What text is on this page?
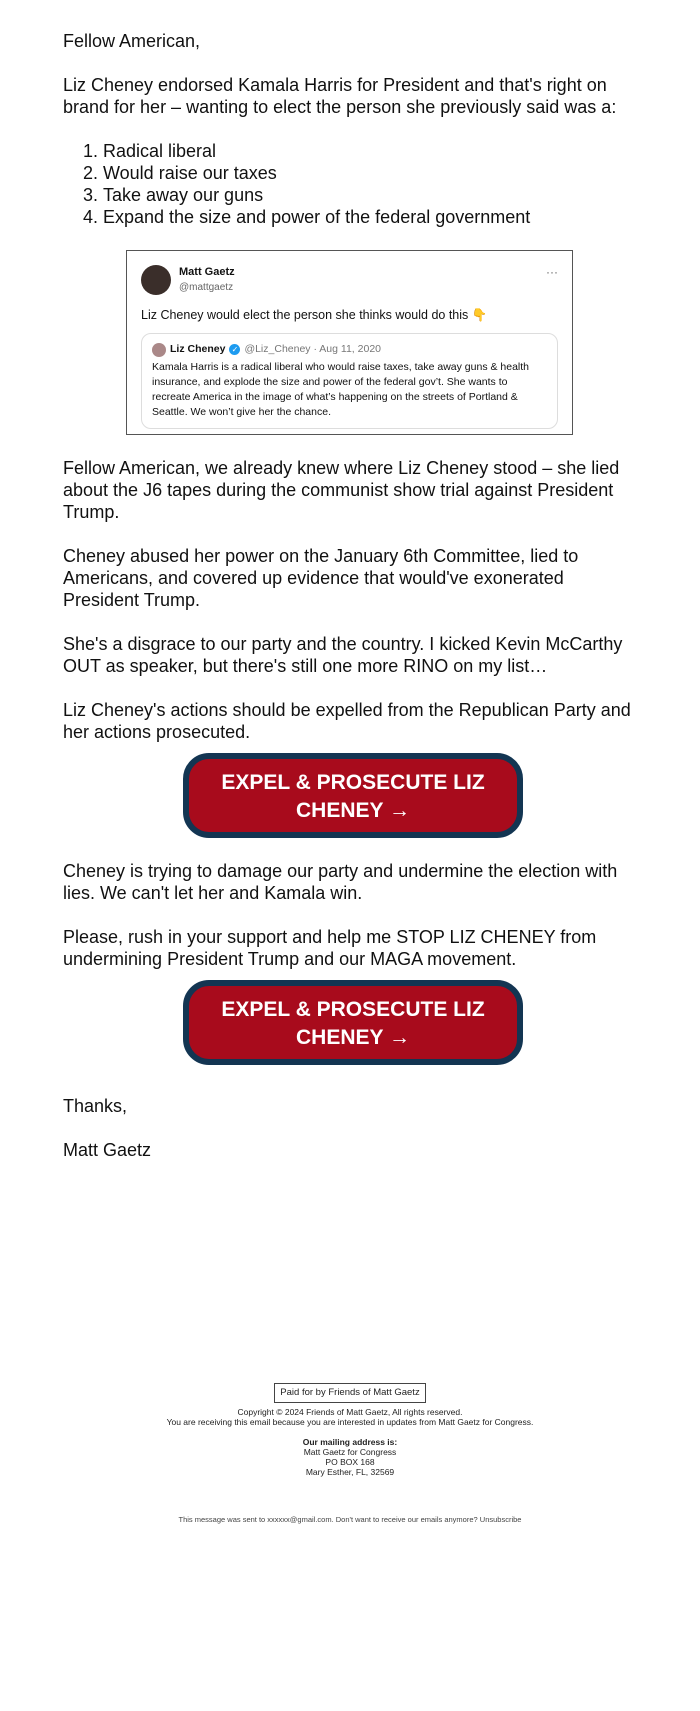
Fellow American,

Liz Cheney endorsed Kamala Harris for President and that's right on brand for her – wanting to elect the person she previously said was a:

1. Radical liberal
2. Would raise our taxes
3. Take away our guns
4. Expand the size and power of the federal government
Matt Gaetz
@mattgaetz
···
Liz Cheney would elect the person she thinks would do this 👇
Liz Cheney ✓ @Liz_Cheney · Aug 11, 2020
Kamala Harris is a radical liberal who would raise taxes, take away guns & health insurance, and explode the size and power of the federal gov’t. She wants to recreate America in the image of what’s happening on the streets of Portland & Seattle. We won’t give her the chance.

Fellow American, we already knew where Liz Cheney stood – she lied about the J6 tapes during the communist show trial against President Trump.

Cheney abused her power on the January 6th Committee, lied to Americans, and covered up evidence that would've exonerated President Trump.

She's a disgrace to our party and the country. I kicked Kevin McCarthy OUT as speaker, but there's still one more RINO on my list…

Liz Cheney's actions should be expelled from the Republican Party and her actions prosecuted.

EXPEL & PROSECUTE LIZ CHENEY →

Cheney is trying to damage our party and undermine the election with lies. We can't let her and Kamala win.

Please, rush in your support and help me STOP LIZ CHENEY from undermining President Trump and our MAGA movement.

EXPEL & PROSECUTE LIZ CHENEY →

Thanks,

Matt Gaetz

Paid for by Friends of Matt Gaetz
Copyright © 2024 Friends of Matt Gaetz, All rights reserved.
You are receiving this email because you are interested in updates from Matt Gaetz for Congress.
Our mailing address is:
Matt Gaetz for Congress
PO BOX 168
Mary Esther, FL, 32569
This message was sent to xxxxxx@gmail.com. Don't want to receive our emails anymore? Unsubscribe
